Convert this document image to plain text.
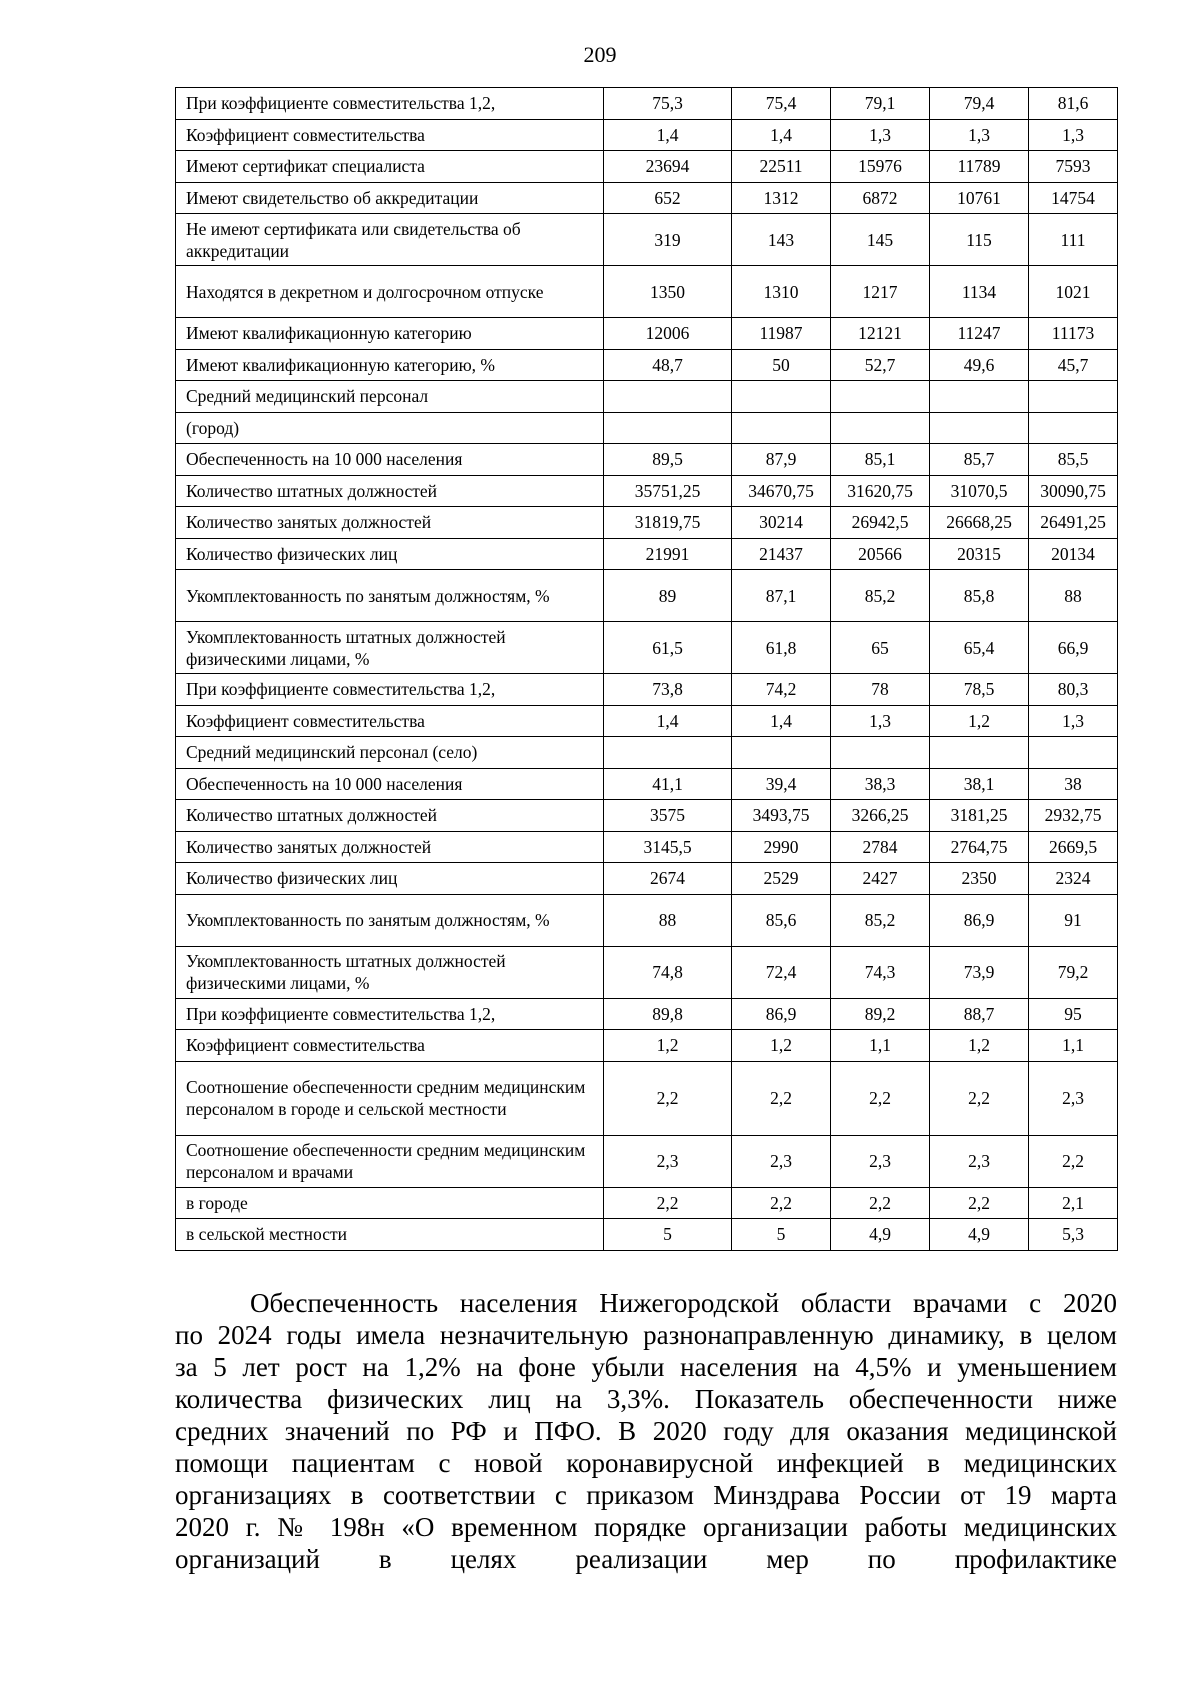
209
При коэффициенте совместительства 1,2,	75,3	75,4	79,1	79,4	81,6
Коэффициент совместительства	1,4	1,4	1,3	1,3	1,3
Имеют сертификат специалиста	23694	22511	15976	11789	7593
Имеют свидетельство об аккредитации	652	1312	6872	10761	14754
Не имеют сертификата или свидетельства об аккредитации	319	143	145	115	111
Находятся в декретном и долгосрочном отпуске	1350	1310	1217	1134	1021
Имеют квалификационную категорию	12006	11987	12121	11247	11173
Имеют квалификационную категорию, %	48,7	50	52,7	49,6	45,7
Средний медицинский персонал					
(город)					
Обеспеченность на 10 000 населения	89,5	87,9	85,1	85,7	85,5
Количество штатных должностей	35751,25	34670,75	31620,75	31070,5	30090,75
Количество занятых должностей	31819,75	30214	26942,5	26668,25	26491,25
Количество физических лиц	21991	21437	20566	20315	20134
Укомплектованность по занятым должностям, %	89	87,1	85,2	85,8	88
Укомплектованность штатных должностей физическими лицами, %	61,5	61,8	65	65,4	66,9
При коэффициенте совместительства 1,2,	73,8	74,2	78	78,5	80,3
Коэффициент совместительства	1,4	1,4	1,3	1,2	1,3
Средний медицинский персонал (село)					
Обеспеченность на 10 000 населения	41,1	39,4	38,3	38,1	38
Количество штатных должностей	3575	3493,75	3266,25	3181,25	2932,75
Количество занятых должностей	3145,5	2990	2784	2764,75	2669,5
Количество физических лиц	2674	2529	2427	2350	2324
Укомплектованность по занятым должностям, %	88	85,6	85,2	86,9	91
Укомплектованность штатных должностей физическими лицами, %	74,8	72,4	74,3	73,9	79,2
При коэффициенте совместительства 1,2,	89,8	86,9	89,2	88,7	95
Коэффициент совместительства	1,2	1,2	1,1	1,2	1,1
Соотношение обеспеченности средним медицинским персоналом в городе и сельской местности	2,2	2,2	2,2	2,2	2,3
Соотношение обеспеченности средним медицинским персоналом и врачами	2,3	2,3	2,3	2,3	2,2
в городе	2,2	2,2	2,2	2,2	2,1
в сельской местности	5	5	4,9	4,9	5,3
Обеспеченность населения Нижегородской области врачами с 2020
по 2024 годы имела незначительную разнонаправленную динамику, в целом
за 5 лет рост на 1,2% на фоне убыли населения на 4,5% и уменьшением
количества физических лиц на 3,3%. Показатель обеспеченности ниже
средних значений по РФ и ПФО. В 2020 году для оказания медицинской
помощи пациентам с новой коронавирусной инфекцией в медицинских
организациях в соответствии с приказом Минздрава России от 19 марта
2020 г. № 198н «О временном порядке организации работы медицинских
организаций в целях реализации мер по профилактике
